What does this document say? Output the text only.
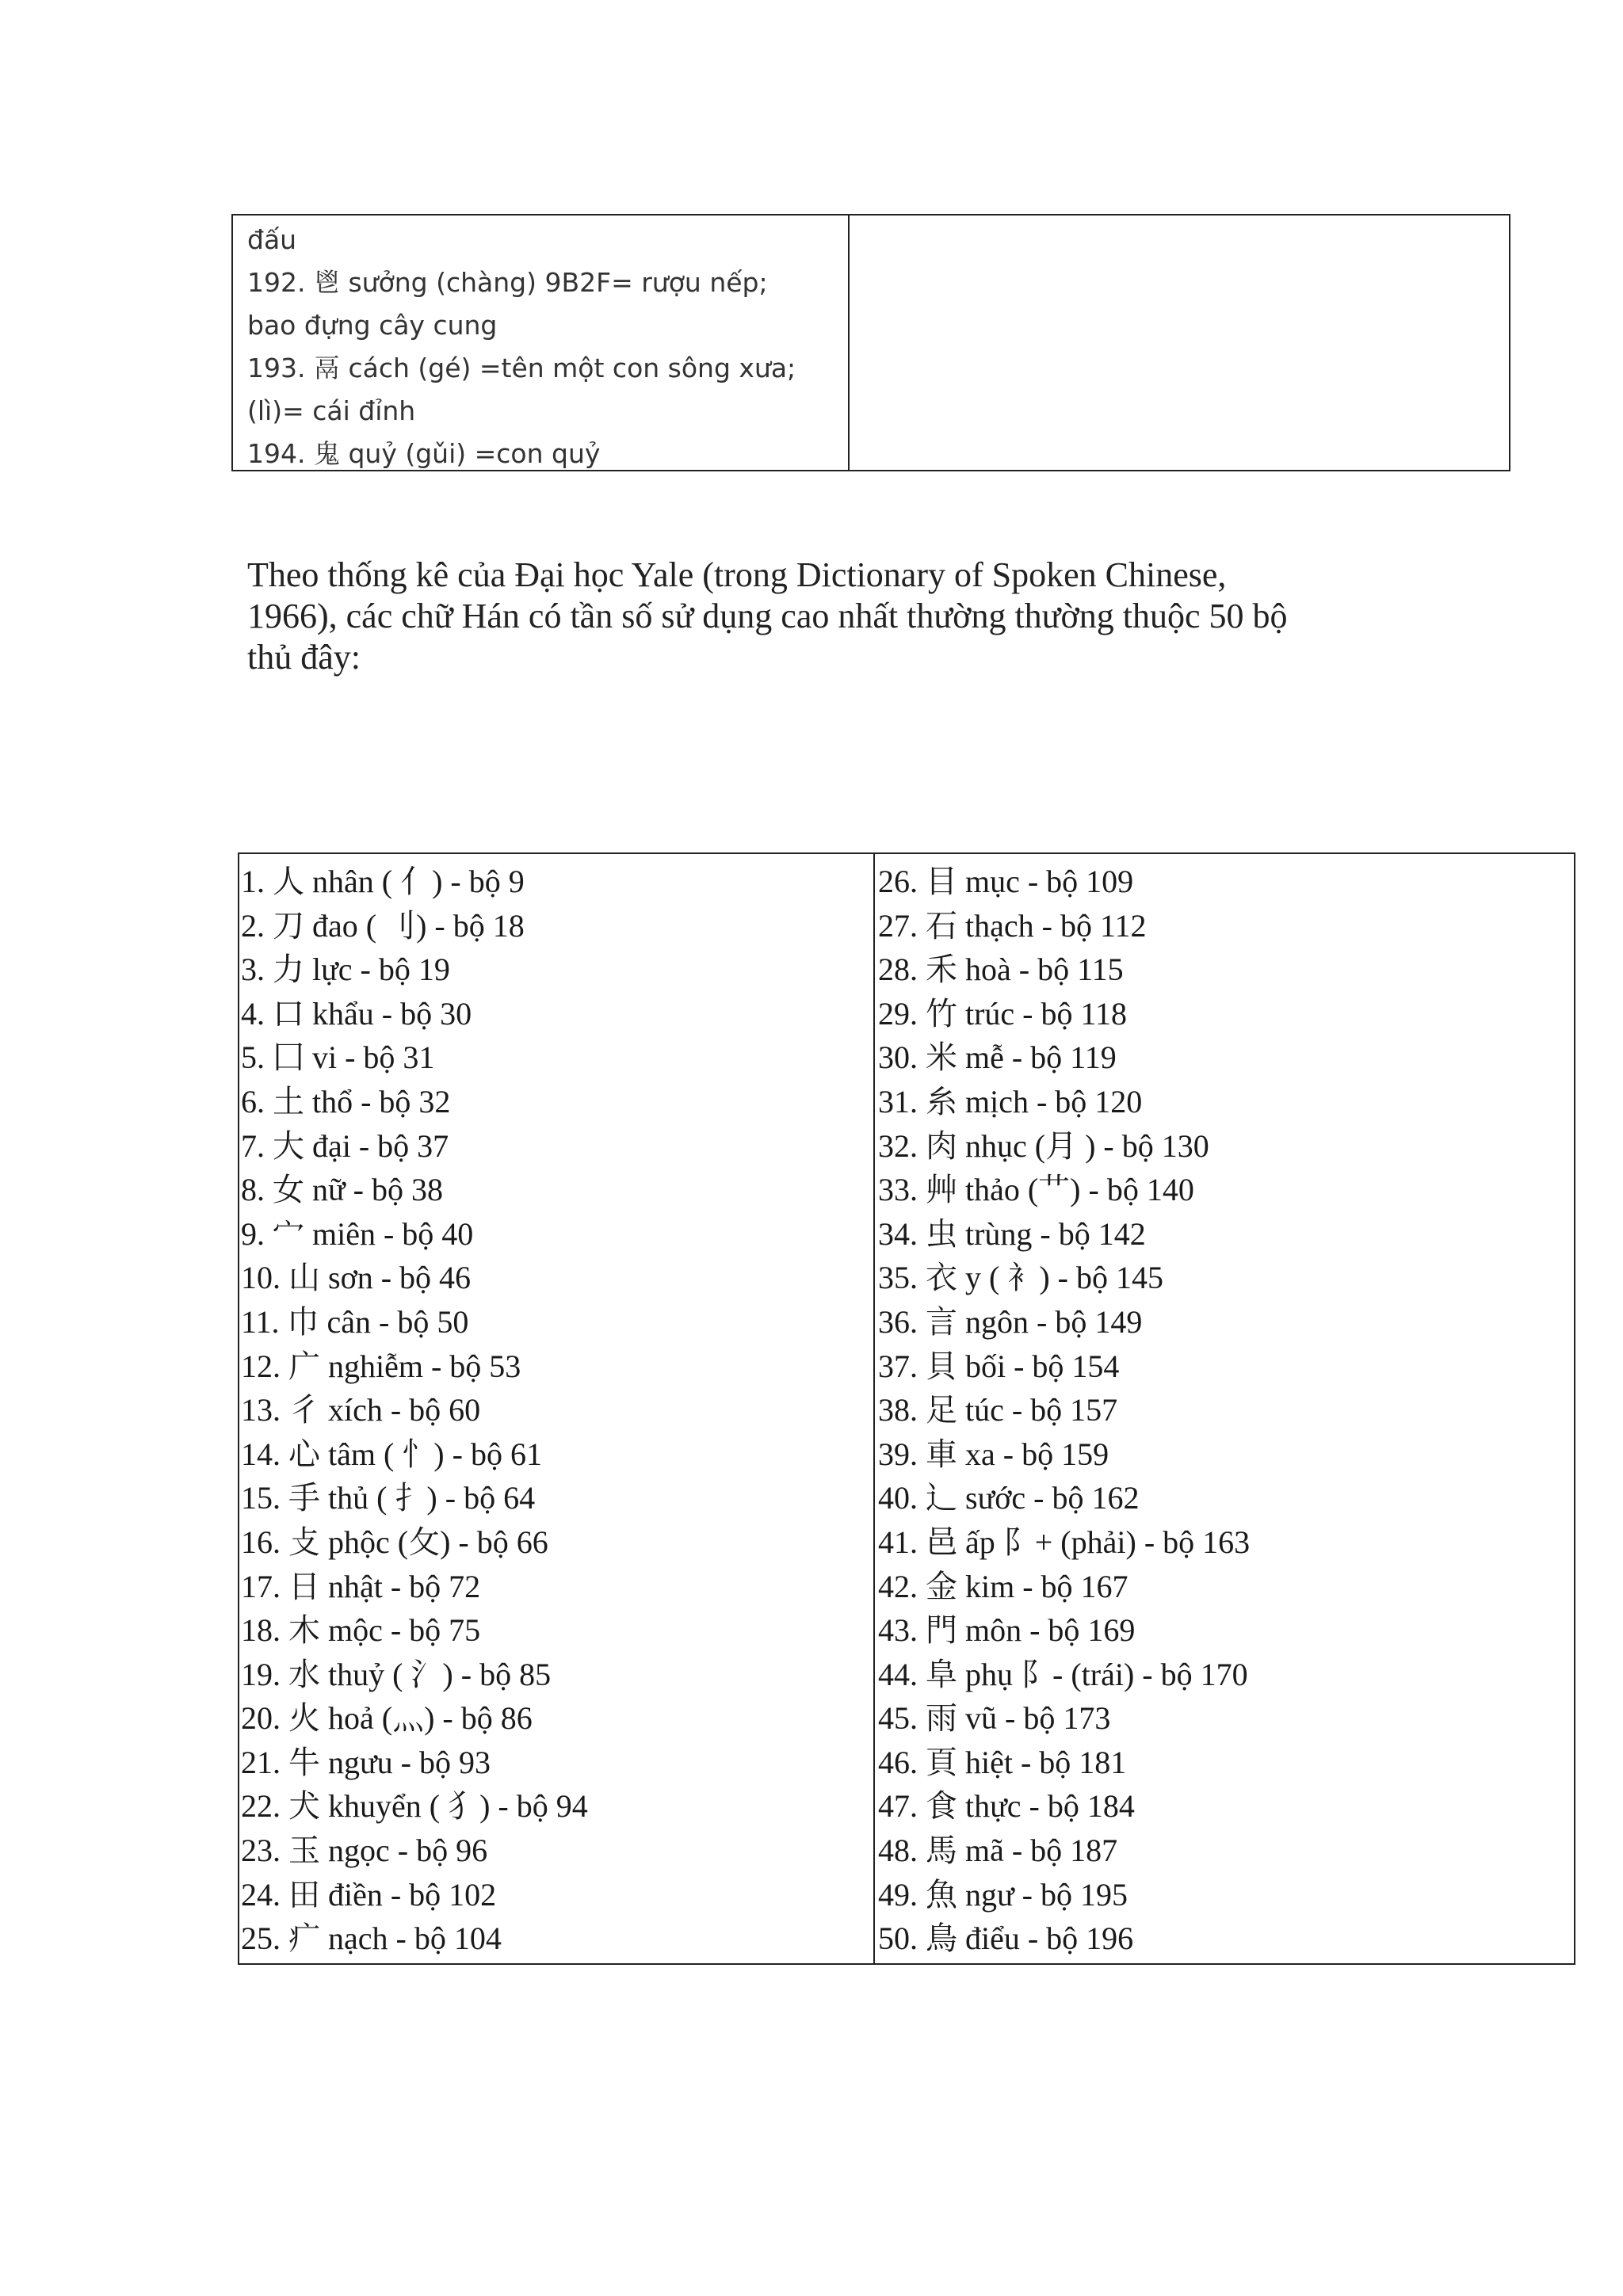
đấu
192. 鬯 sưởng (chàng) 9B2F= rượu nếp;
bao đựng cây cung
193. 鬲 cách (gé) =tên một con sông xưa;
(lì)= cái đỉnh
194. 鬼 quỷ (gǔi) =con quỷ
Theo thống kê của Đại học Yale (trong Dictionary of Spoken Chinese,
1966), các chữ Hán có tần số sử dụng cao nhất thường thường thuộc 50 bộ
thủ đây:
1. 人 nhân ( 亻) - bộ 9
2. 刀 đao ( 刂) - bộ 18
3. 力 lực - bộ 19
4. 口 khẩu - bộ 30
5. 囗 vi - bộ 31
6. 土 thổ - bộ 32
7. 大 đại - bộ 37
8. 女 nữ - bộ 38
9. 宀 miên - bộ 40
10. 山 sơn - bộ 46
11. 巾 cân - bộ 50
12. 广 nghiễm - bộ 53
13. 彳 xích - bộ 60
14. 心 tâm ( 忄) - bộ 61
15. 手 thủ ( 扌) - bộ 64
16. 攴 phộc (攵) - bộ 66
17. 日 nhật - bộ 72
18. 木 mộc - bộ 75
19. 水 thuỷ ( 氵) - bộ 85
20. 火 hoả (灬) - bộ 86
21. 牛 ngưu - bộ 93
22. 犬 khuyển ( 犭) - bộ 94
23. 玉 ngọc - bộ 96
24. 田 điền - bộ 102
25. 疒 nạch - bộ 104
26. 目 mục - bộ 109
27. 石 thạch - bộ 112
28. 禾 hoà - bộ 115
29. 竹 trúc - bộ 118
30. 米 mễ - bộ 119
31. 糸 mịch - bộ 120
32. 肉 nhục (月 ) - bộ 130
33. 艸 thảo (艹) - bộ 140
34. 虫 trùng - bộ 142
35. 衣 y ( 衤) - bộ 145
36. 言 ngôn - bộ 149
37. 貝 bối - bộ 154
38. 足 túc - bộ 157
39. 車 xa - bộ 159
40. 辶 sước - bộ 162
41. 邑 ấp 阝+ (phải) - bộ 163
42. 金 kim - bộ 167
43. 門 môn - bộ 169
44. 阜 phụ 阝- (trái) - bộ 170
45. 雨 vũ - bộ 173
46. 頁 hiệt - bộ 181
47. 食 thực - bộ 184
48. 馬 mã - bộ 187
49. 魚 ngư - bộ 195
50. 鳥 điểu - bộ 196
